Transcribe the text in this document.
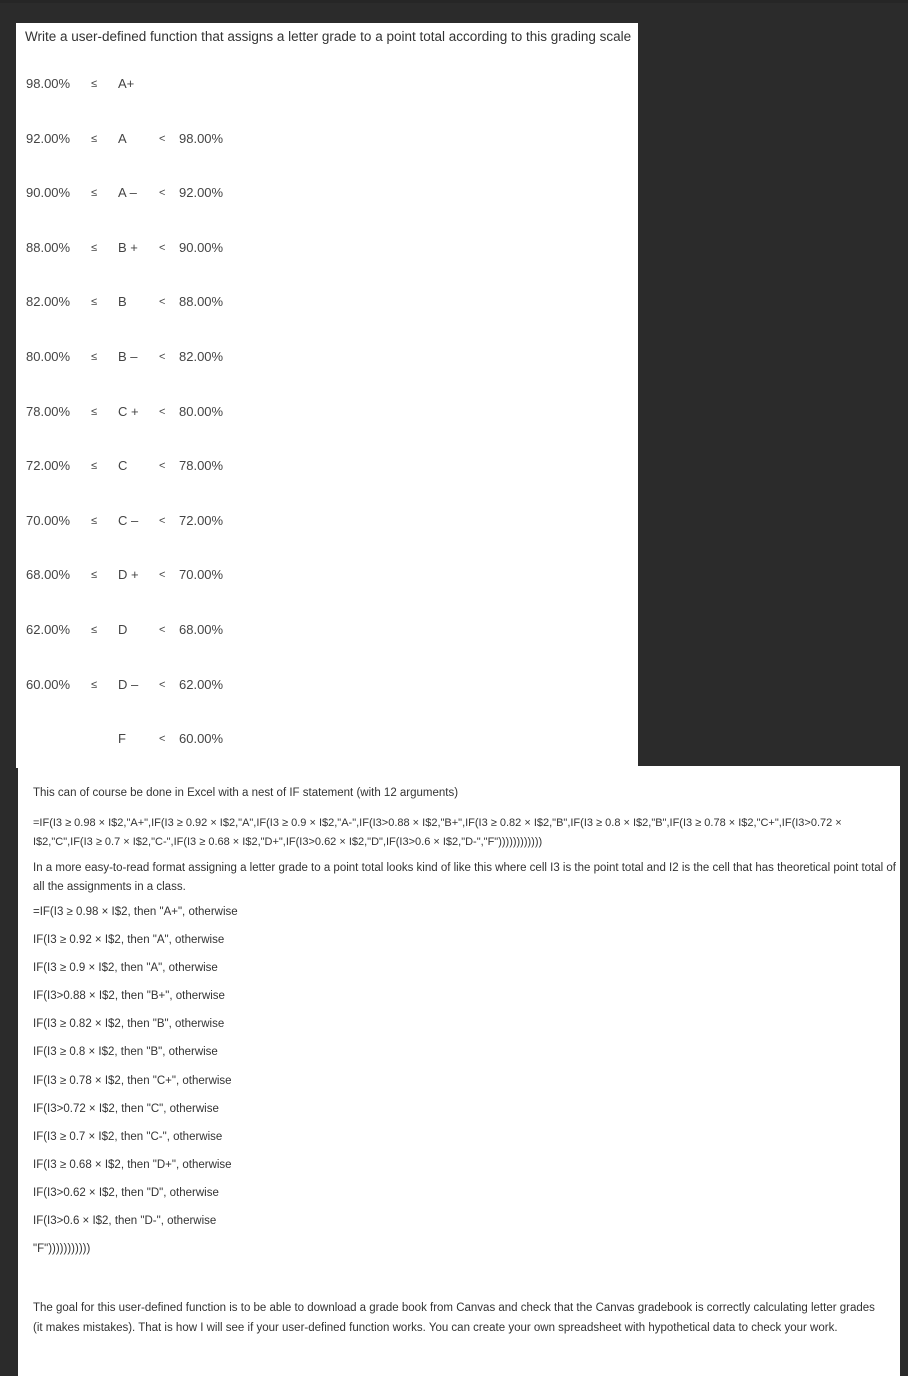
Write a user-defined function that assigns a letter grade to a point total according to this grading scale
98.00% ≤ A+
92.00% ≤ A	< 98.00%
90.00% ≤ A – < 92.00%
88.00% ≤ B + < 90.00%
82.00% ≤ B	< 88.00%
80.00% ≤ B – < 82.00%
78.00% ≤ C + < 80.00%
72.00% ≤ C	< 78.00%
70.00% ≤ C – < 72.00%
68.00% ≤ D + < 70.00%
62.00% ≤ D	< 68.00%
60.00% ≤ D – < 62.00%
F	< 60.00%
This can of course be done in Excel with a nest of IF statement (with 12 arguments)
=IF(I3 ≥ 0.98 × I$2,"A+",IF(I3 ≥ 0.92 × I$2,"A",IF(I3 ≥ 0.9 × I$2,"A-",IF(I3>0.88 × I$2,"B+",IF(I3 ≥ 0.82 × I$2,"B",IF(I3 ≥ 0.8 × I$2,"B",IF(I3 ≥ 0.78 × I$2,"C+",IF(I3>0.72 × I$2,"C",IF(I3 ≥ 0.7 × I$2,"C-",IF(I3 ≥ 0.68 × I$2,"D+",IF(I3>0.62 × I$2,"D",IF(I3>0.6 × I$2,"D-","F"))))))))))))
In a more easy-to-read format assigning a letter grade to a point total looks kind of like this where cell I3 is the point total and I2 is the cell that has theoretical point total of all the assignments in a class.
=IF(I3 ≥ 0.98 × I$2, then "A+", otherwise
IF(I3 ≥ 0.92 × I$2, then "A", otherwise
IF(I3 ≥ 0.9 × I$2, then "A", otherwise
IF(I3>0.88 × I$2, then "B+", otherwise
IF(I3 ≥ 0.82 × I$2, then "B", otherwise
IF(I3 ≥ 0.8 × I$2, then "B", otherwise
IF(I3 ≥ 0.78 × I$2, then "C+", otherwise
IF(I3>0.72 × I$2, then "C", otherwise
IF(I3 ≥ 0.7 × I$2, then "C-", otherwise
IF(I3 ≥ 0.68 × I$2, then "D+", otherwise
IF(I3>0.62 × I$2, then "D", otherwise
IF(I3>0.6 × I$2, then "D-", otherwise
"F")))))))))))
The goal for this user-defined function is to be able to download a grade book from Canvas and check that the Canvas gradebook is correctly calculating letter grades (it makes mistakes). That is how I will see if your user-defined function works. You can create your own spreadsheet with hypothetical data to check your work.
